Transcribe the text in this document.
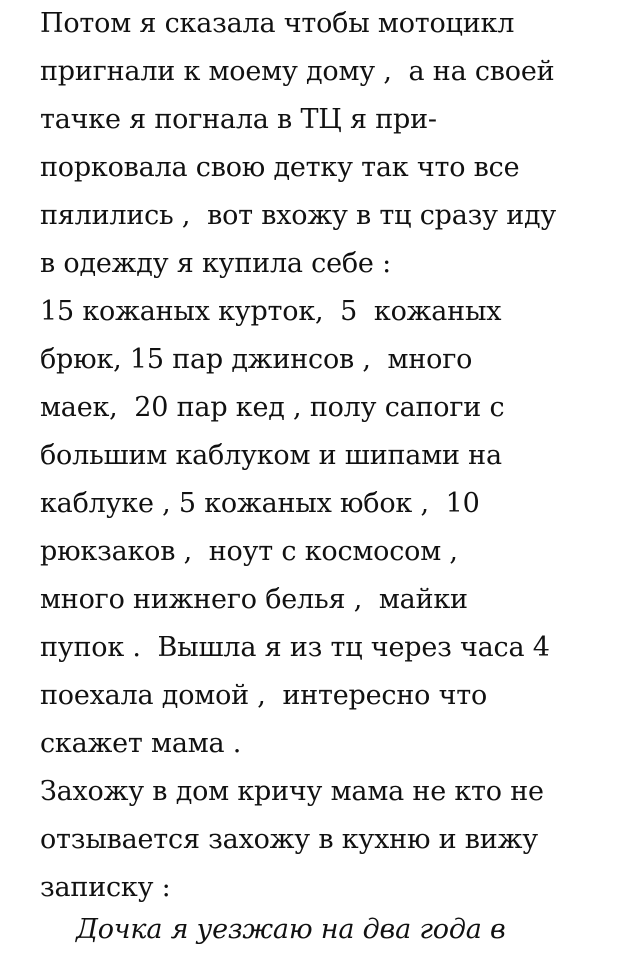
Потом я сказала чтобы мотоцикл
пригнали к моему дому ,  а на своей
тачке я погнала в ТЦ я при-
порковала свою детку так что все
пялились ,  вот вхожу в тц сразу иду
в одежду я купила себе :
15 кожаных курток,  5  кожаных
брюк, 15 пар джинсов ,  много
маек,  20 пар кед , полу сапоги с
большим каблуком и шипами на
каблуке , 5 кожаных юбок ,  10
рюкзаков ,  ноут с космосом ,
много нижнего белья ,  майки
пупок .  Вышла я из тц через часа 4
поехала домой ,  интересно что
скажет мама .
Захожу в дом кричу мама не кто не
отзывается захожу в кухню и вижу
записку :
Дочка я уезжаю на два года в
